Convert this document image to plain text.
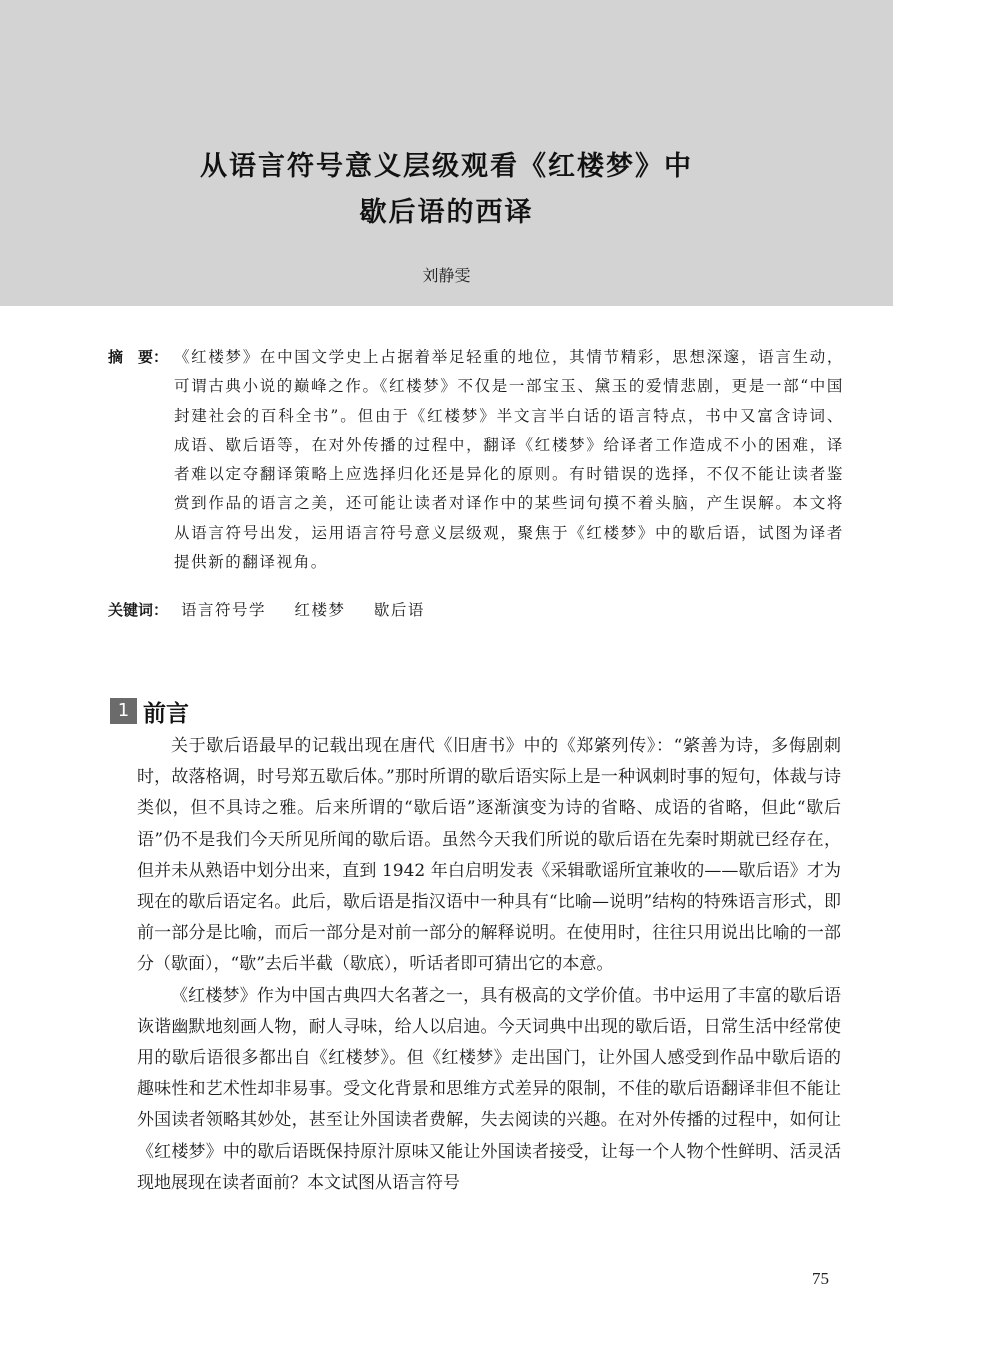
从语言符号意义层级观看《红楼梦》中
歇后语的西译
刘静雯
摘 要： 《红楼梦》在中国文学史上占据着举足轻重的地位，其情节精彩，思想深邃，语言生动，可谓古典小说的巅峰之作。《红楼梦》不仅是一部宝玉、黛玉的爱情悲剧，更是一部“中国封建社会的百科全书”。但由于《红楼梦》半文言半白话的语言特点，书中又富含诗词、成语、歇后语等，在对外传播的过程中，翻译《红楼梦》给译者工作造成不小的困难，译者难以定夺翻译策略上应选择归化还是异化的原则。有时错误的选择，不仅不能让读者鉴赏到作品的语言之美，还可能让读者对译作中的某些词句摸不着头脑，产生误解。本文将从语言符号出发，运用语言符号意义层级观，聚焦于《红楼梦》中的歇后语，试图为译者提供新的翻译视角。
关键词： 语言符号学 红楼梦 歇后语
1 前言

关于歇后语最早的记载出现在唐代《旧唐书》中的《郑綮列传》：“綮善为诗，多侮剧刺时，故落格调，时号郑五歇后体。”那时所谓的歇后语实际上是一种讽刺时事的短句，体裁与诗类似，但不具诗之雅。后来所谓的“歇后语”逐渐演变为诗的省略、成语的省略，但此“歇后语”仍不是我们今天所见所闻的歇后语。虽然今天我们所说的歇后语在先秦时期就已经存在，但并未从熟语中划分出来，直到 1942 年白启明发表《采辑歌谣所宜兼收的——歇后语》才为现在的歇后语定名。此后，歇后语是指汉语中一种具有“比喻—说明”结构的特殊语言形式，即前一部分是比喻，而后一部分是对前一部分的解释说明。在使用时，往往只用说出比喻的一部分（歇面），“歇”去后半截（歇底），听话者即可猜出它的本意。

《红楼梦》作为中国古典四大名著之一，具有极高的文学价值。书中运用了丰富的歇后语诙谐幽默地刻画人物，耐人寻味，给人以启迪。今天词典中出现的歇后语，日常生活中经常使用的歇后语很多都出自《红楼梦》。但《红楼梦》走出国门，让外国人感受到作品中歇后语的趣味性和艺术性却非易事。受文化背景和思维方式差异的限制，不佳的歇后语翻译非但不能让外国读者领略其妙处，甚至让外国读者费解，失去阅读的兴趣。在对外传播的过程中，如何让《红楼梦》中的歇后语既保持原汁原味又能让外国读者接受，让每一个人物个性鲜明、活灵活现地展现在读者面前？本文试图从语言符号

75
